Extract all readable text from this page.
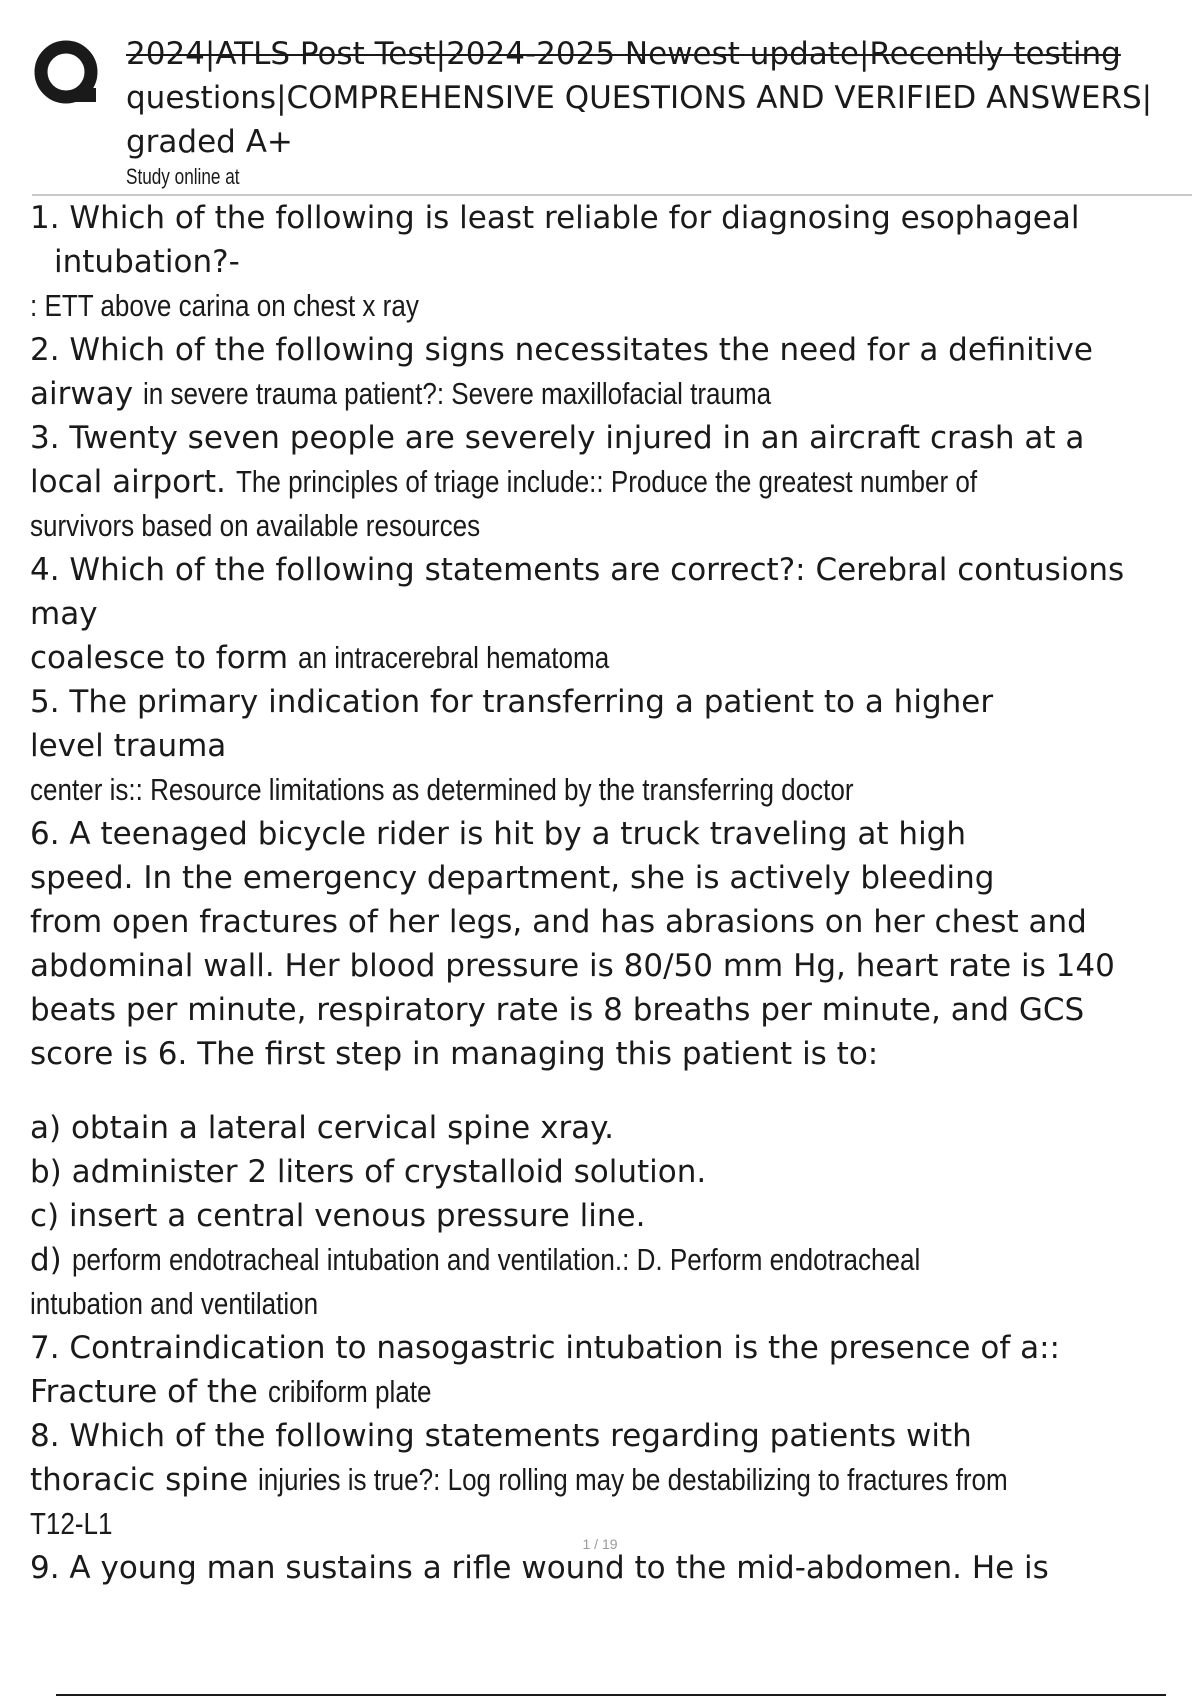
2024|ATLS Post Test|2024-2025 Newest update|Recently testing
questions|COMPREHENSIVE QUESTIONS AND VERIFIED ANSWERS|
graded A+
Study online at

1. Which of the following is least reliable for diagnosing esophageal
intubation?-

: ETT above carina on chest x ray

2. Which of the following signs necessitates the need for a definitive
airway in severe trauma patient?: Severe maxillofacial trauma

3. Twenty seven people are severely injured in an aircraft crash at a
local airport. The principles of triage include:: Produce the greatest number of
survivors based on available resources

4. Which of the following statements are correct?: Cerebral contusions may
coalesce to form an intracerebral hematoma

5. The primary indication for transferring a patient to a higher
level trauma center is:: Resource limitations as determined by the transferring doctor

6. A teenaged bicycle rider is hit by a truck traveling at high
speed. In the emergency department, she is actively bleeding
from open fractures of her legs, and has abrasions on her chest and
abdominal wall. Her blood pressure is 80/50 mm Hg, heart rate is 140
beats per minute, respiratory rate is 8 breaths per minute, and GCS
score is 6. The first step in managing this patient is to:

a) obtain a lateral cervical spine xray.

b) administer 2 liters of crystalloid solution.

c) insert a central venous pressure line.

d) perform endotracheal intubation and ventilation.: D. Perform endotracheal
intubation and ventilation

7. Contraindication to nasogastric intubation is the presence of a::
Fracture of the cribiform plate

8. Which of the following statements regarding patients with
thoracic spine injuries is true?: Log rolling may be destabilizing to fractures from
T12-L1

9. A young man sustains a rifle wound to the mid-abdomen. He is

1 / 19
